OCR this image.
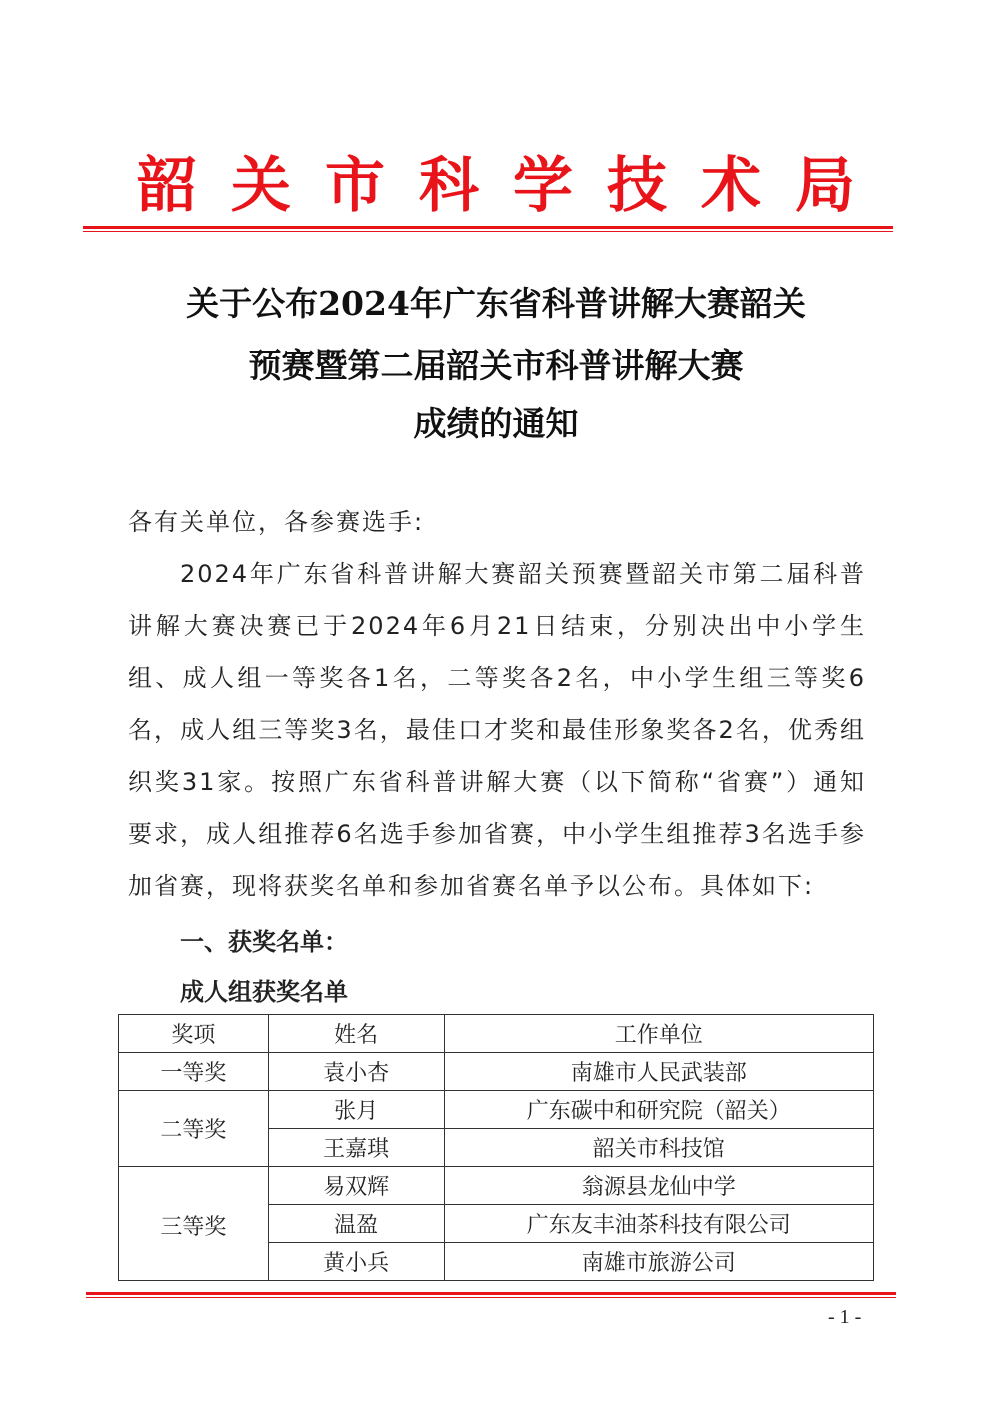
韶关市科学技术局
关于公布2024年广东省科普讲解大赛韶关
预赛暨第二届韶关市科普讲解大赛
成绩的通知
各有关单位，各参赛选手:
2024年广东省科普讲解大赛韶关预赛暨韶关市第二届科普讲解大赛决赛已于2024年6月21日结束，分别决出中小学生组、成人组一等奖各1名，二等奖各2名，中小学生组三等奖6名，成人组三等奖3名，最佳口才奖和最佳形象奖各2名，优秀组织奖31家。按照广东省科普讲解大赛（以下简称“省赛”）通知要求，成人组推荐6名选手参加省赛，中小学生组推荐3名选手参加省赛，现将获奖名单和参加省赛名单予以公布。具体如下:
一、获奖名单：
成人组获奖名单
奖项	姓名	工作单位
一等奖	袁小杏	南雄市人民武装部
二等奖	张月	广东碳中和研究院（韶关）
	王嘉琪	韶关市科技馆
三等奖	易双辉	翁源县龙仙中学
	温盈	广东友丰油茶科技有限公司
	黄小兵	南雄市旅游公司
- 1 -
